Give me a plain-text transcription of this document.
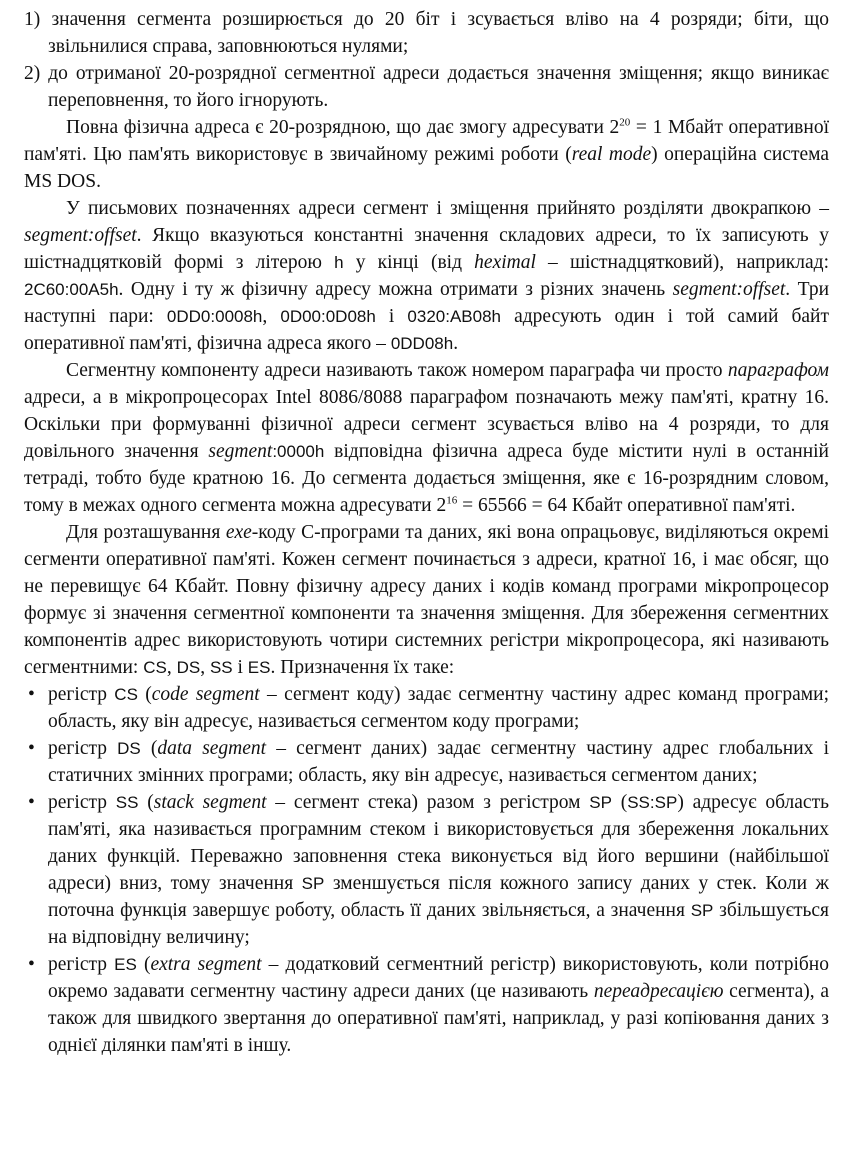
1) значення сегмента розширюється до 20 біт і зсувається вліво на 4 розряди; біти, що звільнилися справа, заповнюються нулями;

2) до отриманої 20-розрядної сегментної адреси додається значення зміщення; якщо виникає переповнення, то його ігнорують.

Повна фізична адреса є 20-розрядною, що дає змогу адресувати $2^{20} = 1$ Мбайт оперативної пам'яті. Цю пам'ять використовує в звичайному режимі роботи (real mode) операційна система MS DOS.

У письмових позначеннях адреси сегмент і зміщення прийнято розділяти двокрапкою – segment:offset. Якщо вказуються константні значення складових адреси, то їх записують у шістнадцятковій формі з літерою h у кінці (від heximal – шістнадцятковий), наприклад: 2C60:00A5h. Одну і ту ж фізичну адресу можна отримати з різних значень segment:offset. Три наступні пари: 0DD0:0008h, 0D00:0D08h і 0320:AB08h адресують один і той самий байт оперативної пам'яті, фізична адреса якого – 0DD08h.

Сегментну компоненту адреси називають також номером параграфа чи просто параграфом адреси, а в мікропроцесорах Intel 8086/8088 параграфом позначають межу пам'яті, кратну 16. Оскільки при формуванні фізичної адреси сегмент зсувається вліво на 4 розряди, то для довільного значення segment:0000h відповідна фізична адреса буде містити нулі в останній тетраді, тобто буде кратною 16. До сегмента додається зміщення, яке є 16-розрядним словом, тому в межах одного сегмента можна адресувати $2^{16} = 65566 = 64$ Кбайт оперативної пам'яті.

Для розташування exe-коду С-програми та даних, які вона опрацьовує, виділяються окремі сегменти оперативної пам'яті. Кожен сегмент починається з адреси, кратної 16, і має обсяг, що не перевищує 64 Кбайт. Повну фізичну адресу даних і кодів команд програми мікропроцесор формує зі значення сегментної компоненти та значення зміщення. Для збереження сегментних компонентів адрес використовують чотири системних регістри мікропроцесора, які називають сегментними: CS, DS, SS і ES. Призначення їх таке:

• регістр CS (code segment – сегмент коду) задає сегментну частину адрес команд програми; область, яку він адресує, називається сегментом коду програми;
• регістр DS (data segment – сегмент даних) задає сегментну частину адрес глобальних і статичних змінних програми; область, яку він адресує, називається сегментом даних;
• регістр SS (stack segment – сегмент стека) разом з регістром SP (SS:SP) адресує область пам'яті, яка називається програмним стеком і використовується для збереження локальних даних функцій. Переважно заповнення стека виконується від його вершини (найбільшої адреси) вниз, тому значення SP зменшується після кожного запису даних у стек. Коли ж поточна функція завершує роботу, область її даних звільняється, а значення SP збільшується на відповідну величину;
• регістр ES (extra segment – додатковий сегментний регістр) використовують, коли потрібно окремо задавати сегментну частину адреси даних (це називають переадресацією сегмента), а також для швидкого звертання до оперативної пам'яті, наприклад, у разі копіювання даних з однієї ділянки пам'яті в іншу.
